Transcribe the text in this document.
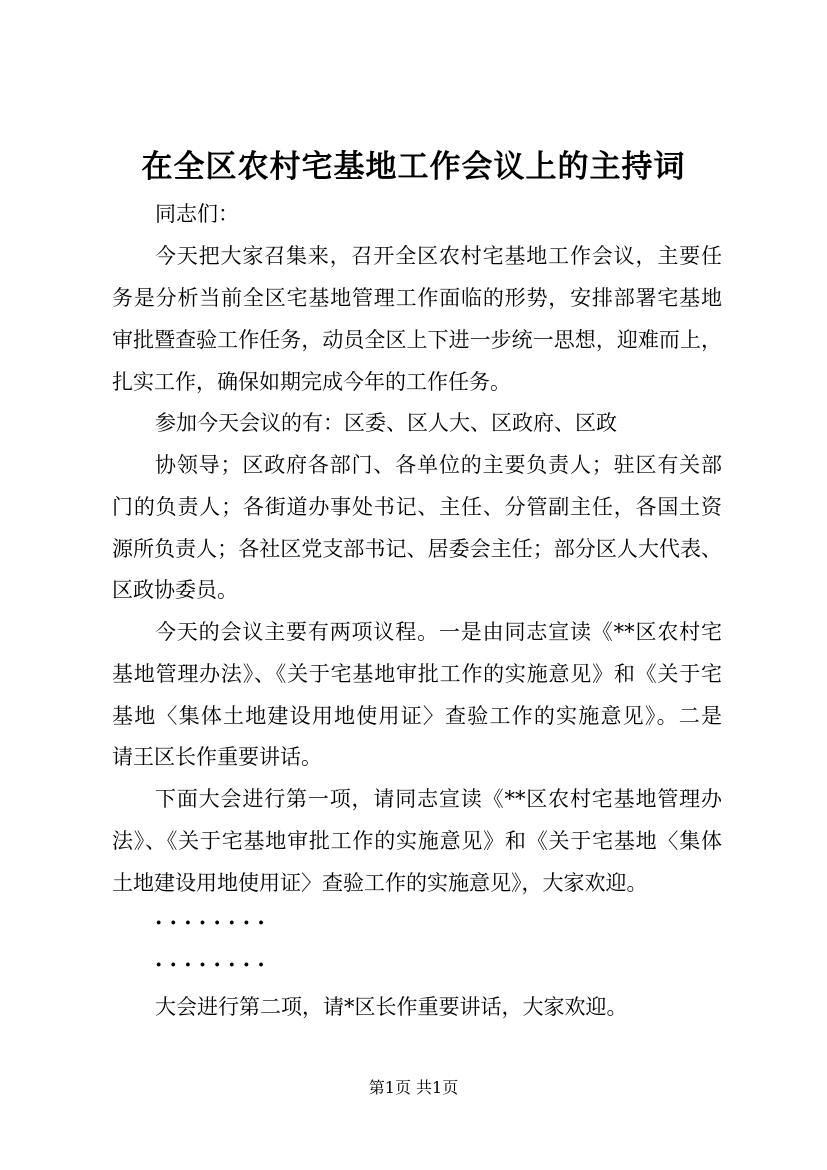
在全区农村宅基地工作会议上的主持词
同志们：
今天把大家召集来，召开全区农村宅基地工作会议，主要任
务是分析当前全区宅基地管理工作面临的形势，安排部署宅基地
审批暨查验工作任务，动员全区上下进一步统一思想，迎难而上，
扎实工作，确保如期完成今年的工作任务。
参加今天会议的有：区委、区人大、区政府、区政
协领导；区政府各部门、各单位的主要负责人；驻区有关部
门的负责人；各街道办事处书记、主任、分管副主任，各国土资
源所负责人；各社区党支部书记、居委会主任；部分区人大代表、
区政协委员。
今天的会议主要有两项议程。一是由同志宣读《**区农村宅
基地管理办法》、《关于宅基地审批工作的实施意见》和《关于宅
基地〈集体土地建设用地使用证〉查验工作的实施意见》。二是
请王区长作重要讲话。
下面大会进行第一项，请同志宣读《**区农村宅基地管理办
法》、《关于宅基地审批工作的实施意见》和《关于宅基地〈集体
土地建设用地使用证〉查验工作的实施意见》，大家欢迎。
· · · · · · · ·
· · · · · · · ·
大会进行第二项，请*区长作重要讲话，大家欢迎。
第1页 共1页
